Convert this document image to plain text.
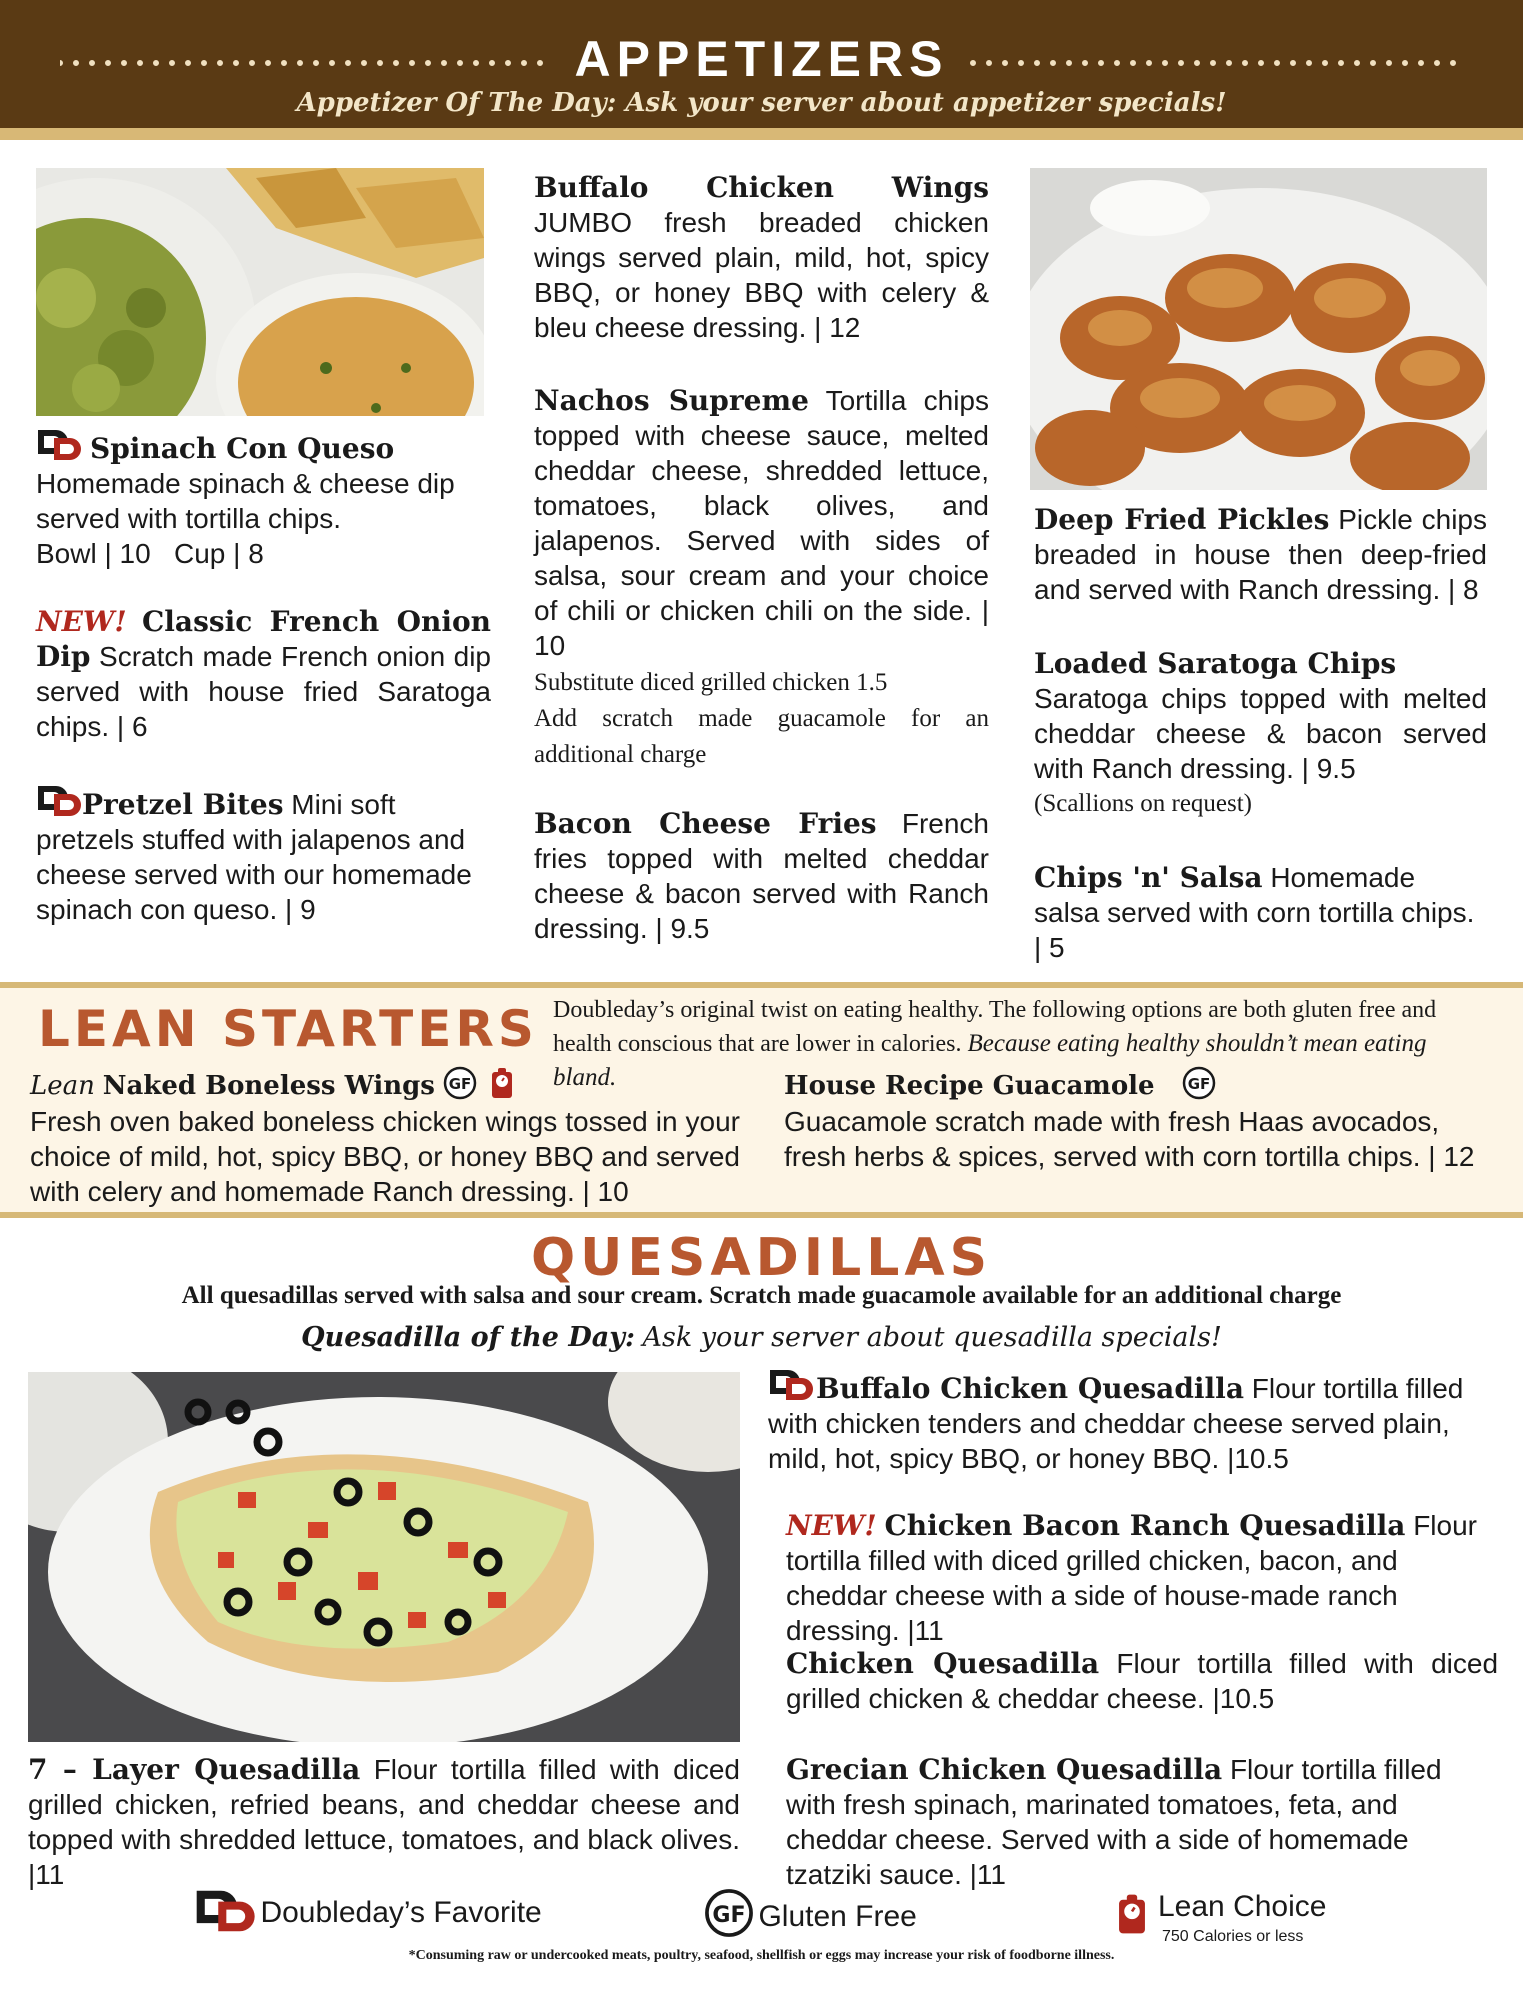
APPETIZERS
Appetizer Of The Day: Ask your server about appetizer specials!
Spinach Con Queso
Homemade spinach & cheese dip served with tortilla chips.
Bowl | 10   Cup | 8
NEW! Classic French Onion Dip Scratch made French onion dip served with house fried Saratoga chips. | 6
Pretzel Bites Mini soft pretzels stuffed with jalapenos and cheese served with our homemade spinach con queso. | 9
Buffalo Chicken Wings JUMBO fresh breaded chicken wings served plain, mild, hot, spicy BBQ, or honey BBQ with celery & bleu cheese dressing. | 12
Nachos Supreme Tortilla chips topped with cheese sauce, melted cheddar cheese, shredded lettuce, tomatoes, black olives, and jalapenos. Served with sides of salsa, sour cream and your choice of chili or chicken chili on the side. | 10
Substitute diced grilled chicken 1.5
Add scratch made guacamole for an additional charge
Bacon Cheese Fries French fries topped with melted cheddar cheese & bacon served with Ranch dressing. | 9.5
Deep Fried Pickles Pickle chips breaded in house then deep-fried and served with Ranch dressing. | 8
Loaded Saratoga Chips
Saratoga chips topped with melted cheddar cheese & bacon served with Ranch dressing. | 9.5
(Scallions on request)
Chips 'n' Salsa Homemade salsa served with corn tortilla chips. | 5
LEAN STARTERS Doubleday’s original twist on eating healthy. The following options are both gluten free and health conscious that are lower in calories. Because eating healthy shouldn’t mean eating bland.
Lean Naked Boneless Wings GF

Fresh oven baked boneless chicken wings tossed in your choice of mild, hot, spicy BBQ, or honey BBQ and served with celery and homemade Ranch dressing. | 10
House Recipe Guacamole GF
Guacamole scratch made with fresh Haas avocados, fresh herbs & spices, served with corn tortilla chips. | 12
QUESADILLAS
All quesadillas served with salsa and sour cream. Scratch made guacamole available for an additional charge
Quesadilla of the Day: Ask your server about quesadilla specials!
7 – Layer Quesadilla Flour tortilla filled with diced grilled chicken, refried beans, and cheddar cheese and topped with shredded lettuce, tomatoes, and black olives. |11
Buffalo Chicken Quesadilla Flour tortilla filled with chicken tenders and cheddar cheese served plain, mild, hot, spicy BBQ, or honey BBQ. |10.5
NEW! Chicken Bacon Ranch Quesadilla Flour tortilla filled with diced grilled chicken, bacon, and cheddar cheese with a side of house-made ranch dressing. |11
Chicken Quesadilla Flour tortilla filled with diced grilled chicken & cheddar cheese. |10.5
Grecian Chicken Quesadilla Flour tortilla filled with fresh spinach, marinated tomatoes, feta, and cheddar cheese. Served with a side of homemade tzatziki sauce. |11
Doubleday’s Favorite	GF Gluten Free	Lean Choice
750 Calories or less
*Consuming raw or undercooked meats, poultry, seafood, shellfish or eggs may increase your risk of foodborne illness.
